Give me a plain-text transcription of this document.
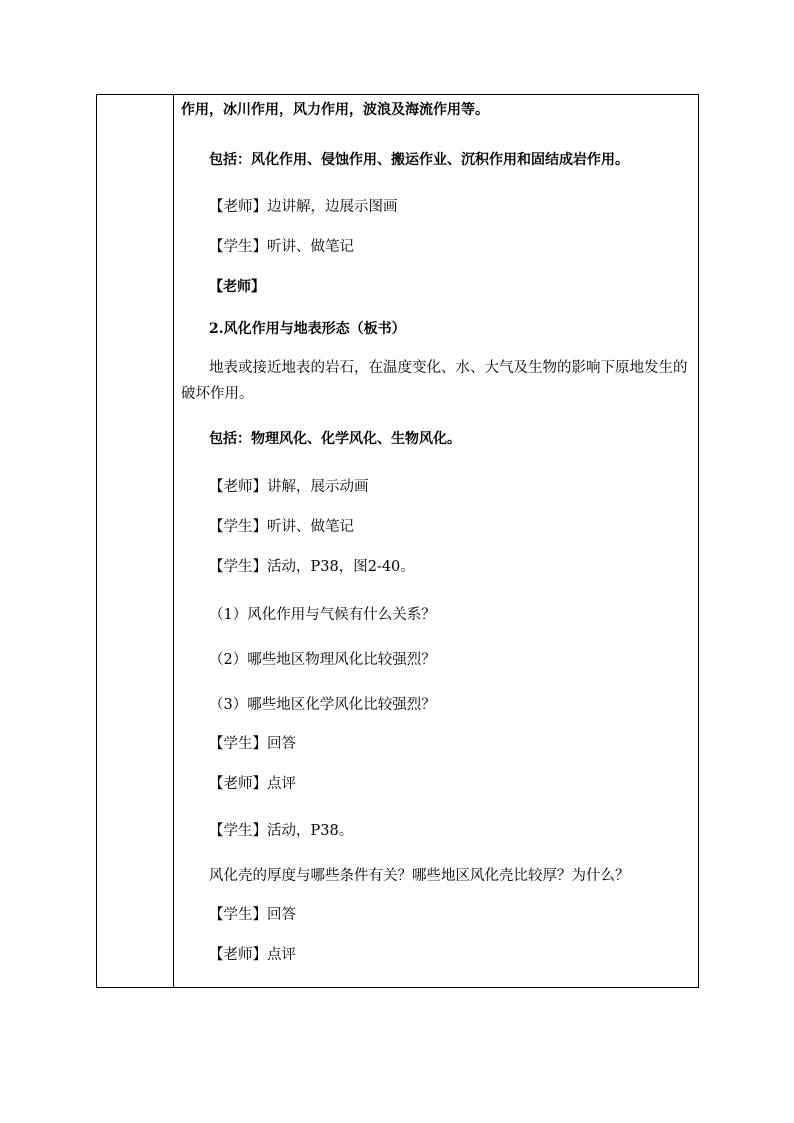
作用，冰川作用，风力作用，波浪及海流作用等。
包括：风化作用、侵蚀作用、搬运作业、沉积作用和固结成岩作用。
【老师】边讲解，边展示图画
【学生】听讲、做笔记
【老师】
2.风化作用与地表形态（板书）
地表或接近地表的岩石，在温度变化、水、大气及生物的影响下原地发生的破坏作用。
包括：物理风化、化学风化、生物风化。
【老师】讲解，展示动画
【学生】听讲、做笔记
【学生】活动，P38，图2-40。
（1）风化作用与气候有什么关系？
（2）哪些地区物理风化比较强烈？
（3）哪些地区化学风化比较强烈？
【学生】回答
【老师】点评
【学生】活动，P38。
风化壳的厚度与哪些条件有关？哪些地区风化壳比较厚？为什么？
【学生】回答
【老师】点评
